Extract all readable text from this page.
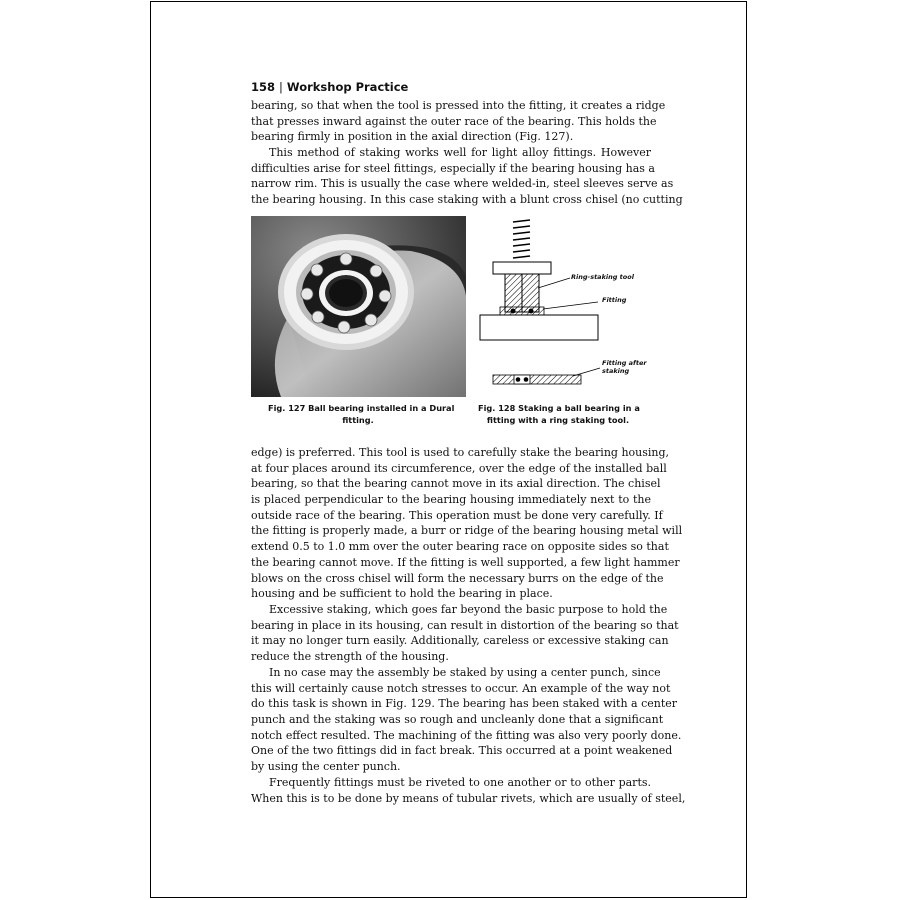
158 | Workshop Practice
bearing, so that when the tool is pressed into the fitting, it creates a ridge
that presses inward against the outer race of the bearing. This holds the
bearing firmly in position in the axial direction (Fig. 127).
This method of staking works well for light alloy fittings. However
difficulties arise for steel fittings, especially if the bearing housing has a
narrow rim. This is usually the case where welded-in, steel sleeves serve as
the bearing housing. In this case staking with a blunt cross chisel (no cutting
Ring-staking tool
Fitting
Fitting after
staking
Fig. 127 Ball bearing installed in a Dural
fitting.
Fig. 128 Staking a ball bearing in a
fitting with a ring staking tool.
edge) is preferred. This tool is used to carefully stake the bearing housing,
at four places around its circumference, over the edge of the installed ball
bearing, so that the bearing cannot move in its axial direction. The chisel
is placed perpendicular to the bearing housing immediately next to the
outside race of the bearing. This operation must be done very carefully. If
the fitting is properly made, a burr or ridge of the bearing housing metal will
extend 0.5 to 1.0 mm over the outer bearing race on opposite sides so that
the bearing cannot move. If the fitting is well supported, a few light hammer
blows on the cross chisel will form the necessary burrs on the edge of the
housing and be sufficient to hold the bearing in place.
Excessive staking, which goes far beyond the basic purpose to hold the
bearing in place in its housing, can result in distortion of the bearing so that
it may no longer turn easily. Additionally, careless or excessive staking can
reduce the strength of the housing.
In no case may the assembly be staked by using a center punch, since
this will certainly cause notch stresses to occur. An example of the way not
do this task is shown in Fig. 129. The bearing has been staked with a center
punch and the staking was so rough and uncleanly done that a significant
notch effect resulted. The machining of the fitting was also very poorly done.
One of the two fittings did in fact break. This occurred at a point weakened
by using the center punch.
Frequently fittings must be riveted to one another or to other parts.
When this is to be done by means of tubular rivets, which are usually of steel,
